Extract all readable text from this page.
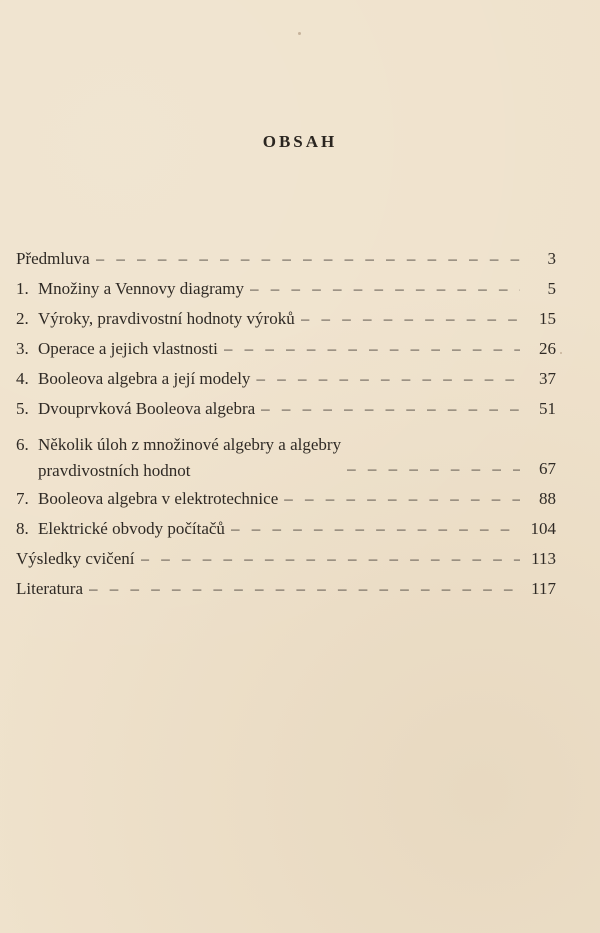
OBSAH
Předmluva – – –	3
1. Množiny a Vennovy diagramy – – –	5
2. Výroky, pravdivostní hodnoty výroků – – –	15
3. Operace a jejich vlastnosti – – –	26
4. Booleova algebra a její modely – – –	37
5. Dvouprvková Booleova algebra – – –	51
6. Několik úloh z množinové algebry a algebry
pravdivostních hodnot – – –	67
7. Booleova algebra v elektrotechnice – – –	88
8. Elektrické obvody počítačů – – –	104
Výsledky cvičení – – –	113
Literatura – – –	117
